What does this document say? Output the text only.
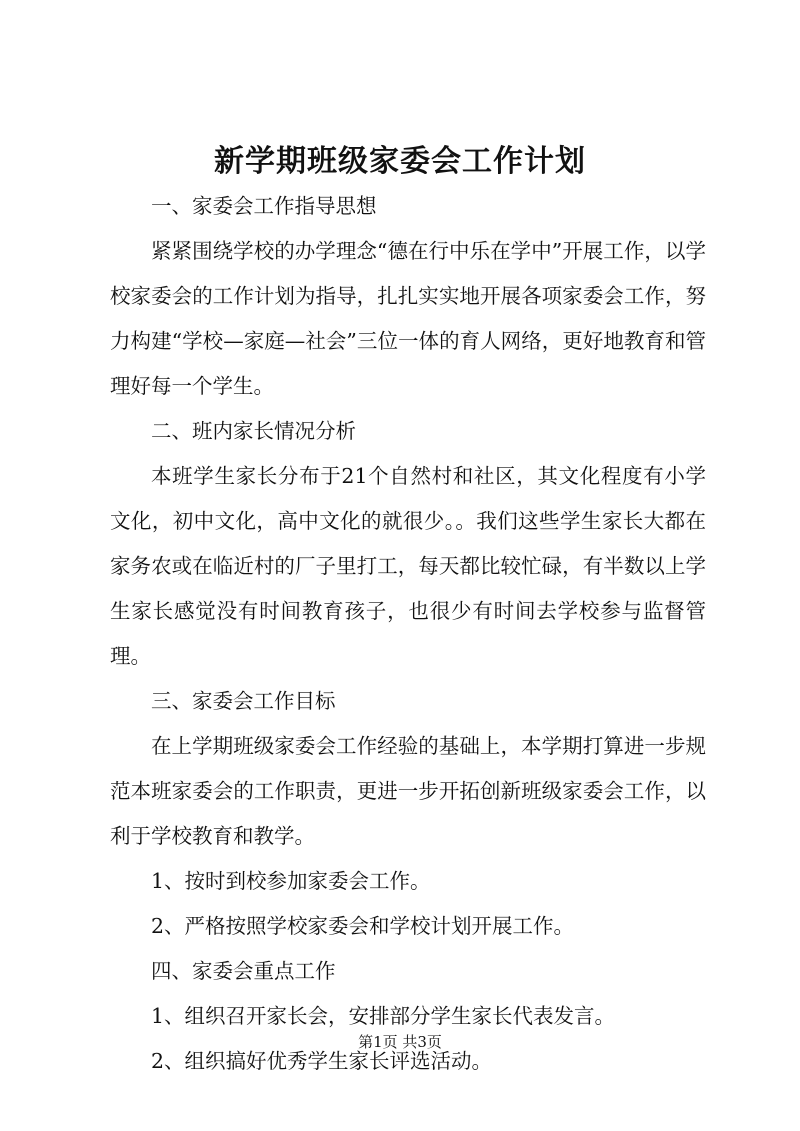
新学期班级家委会工作计划

一、家委会工作指导思想

紧紧围绕学校的办学理念“德在行中乐在学中”开展工作，以学校家委会的工作计划为指导，扎扎实实地开展各项家委会工作，努力构建“学校—家庭—社会”三位一体的育人网络，更好地教育和管理好每一个学生。

二、班内家长情况分析

本班学生家长分布于21个自然村和社区，其文化程度有小学文化，初中文化，高中文化的就很少。。我们这些学生家长大都在家务农或在临近村的厂子里打工，每天都比较忙碌，有半数以上学生家长感觉没有时间教育孩子，也很少有时间去学校参与监督管理。

三、家委会工作目标

在上学期班级家委会工作经验的基础上，本学期打算进一步规范本班家委会的工作职责，更进一步开拓创新班级家委会工作，以利于学校教育和教学。

1、按时到校参加家委会工作。

2、严格按照学校家委会和学校计划开展工作。

四、家委会重点工作

1、组织召开家长会，安排部分学生家长代表发言。

2、组织搞好优秀学生家长评选活动。

第1页 共3页
